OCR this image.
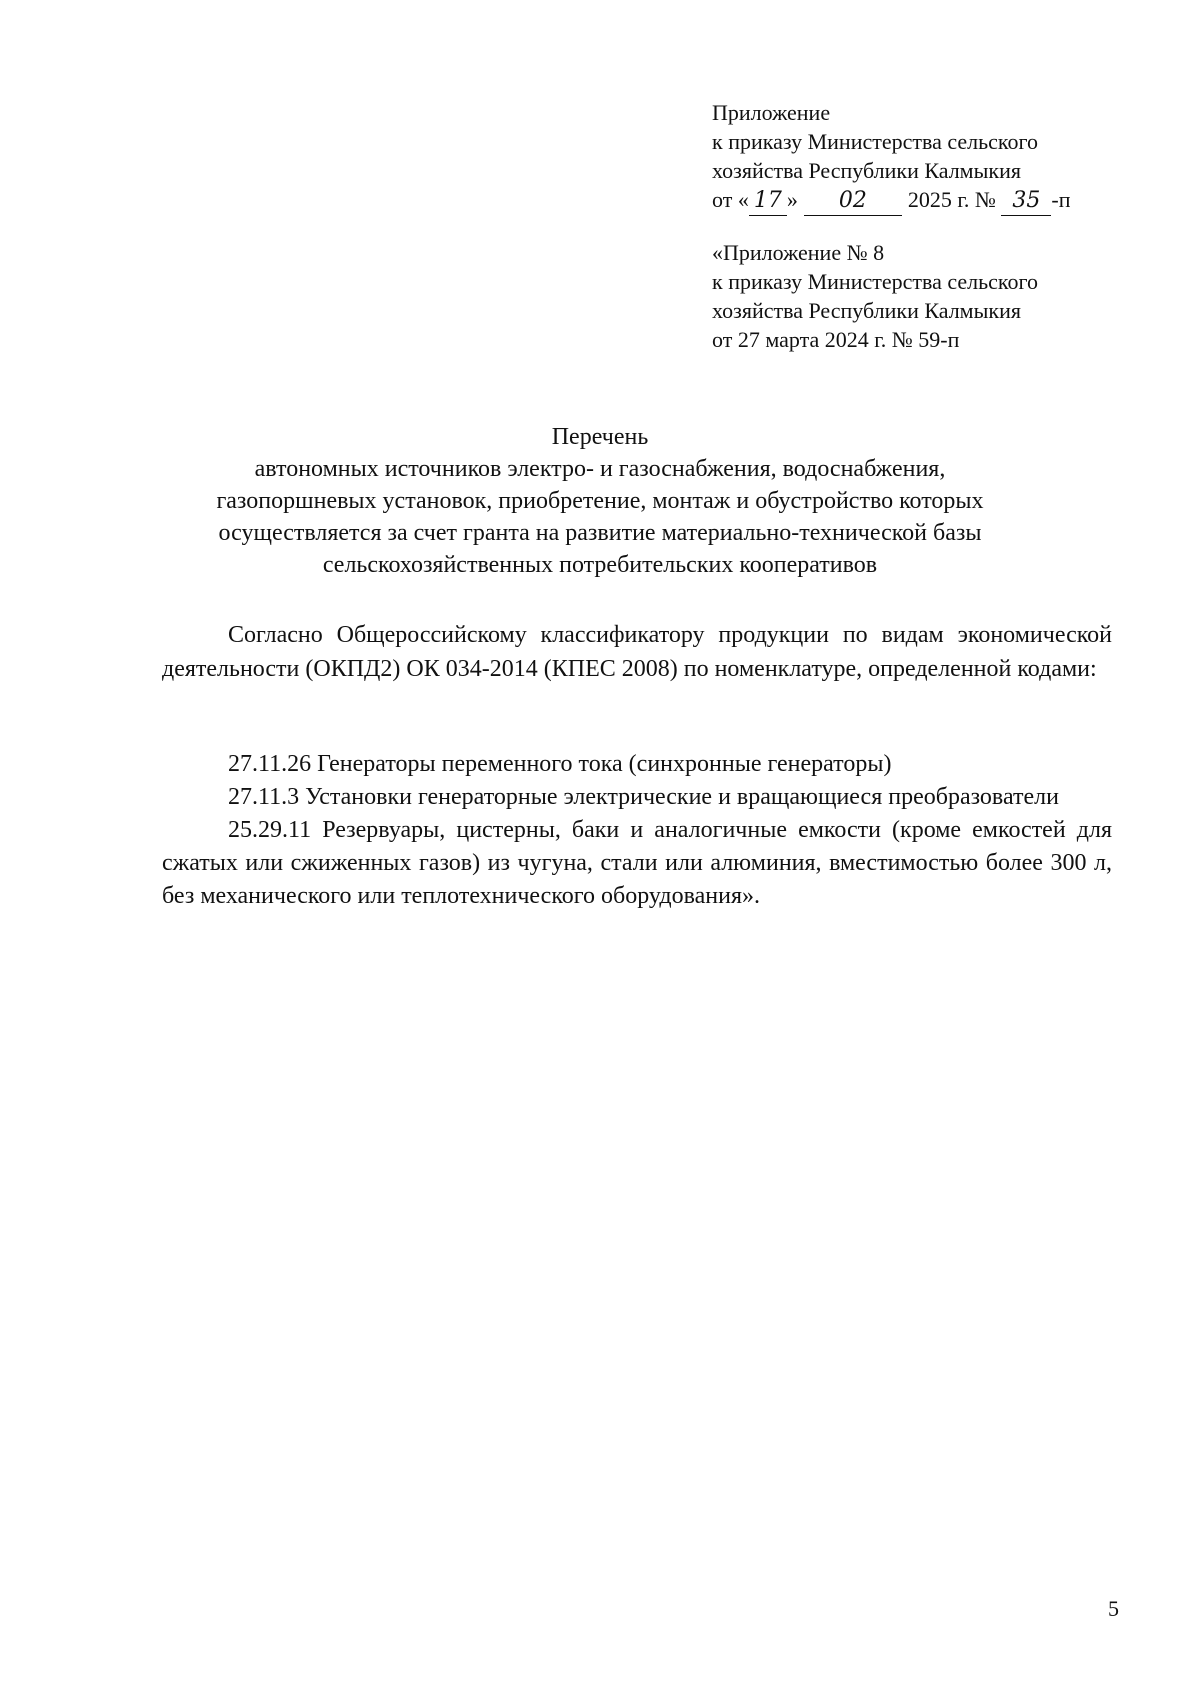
Приложение
к приказу Министерства сельского
хозяйства Республики Калмыкия
от « 17 » 02 2025 г. № 35 -п
«Приложение № 8
к приказу Министерства сельского
хозяйства Республики Калмыкия
от 27 марта 2024 г. № 59-п
Перечень
автономных источников электро- и газоснабжения, водоснабжения,
газопоршневых установок, приобретение, монтаж и обустройство которых
осуществляется за счет гранта на развитие материально-технической базы
сельскохозяйственных потребительских кооперативов
Согласно Общероссийскому классификатору продукции по видам экономической деятельности (ОКПД2) ОК 034-2014 (КПЕС 2008) по номенклатуре, определенной кодами:

27.11.26 Генераторы переменного тока (синхронные генераторы)

27.11.3 Установки генераторные электрические и вращающиеся преобразователи

25.29.11 Резервуары, цистерны, баки и аналогичные емкости (кроме емкостей для сжатых или сжиженных газов) из чугуна, стали или алюминия, вместимостью более 300 л, без механического или теплотехнического оборудования».

5
